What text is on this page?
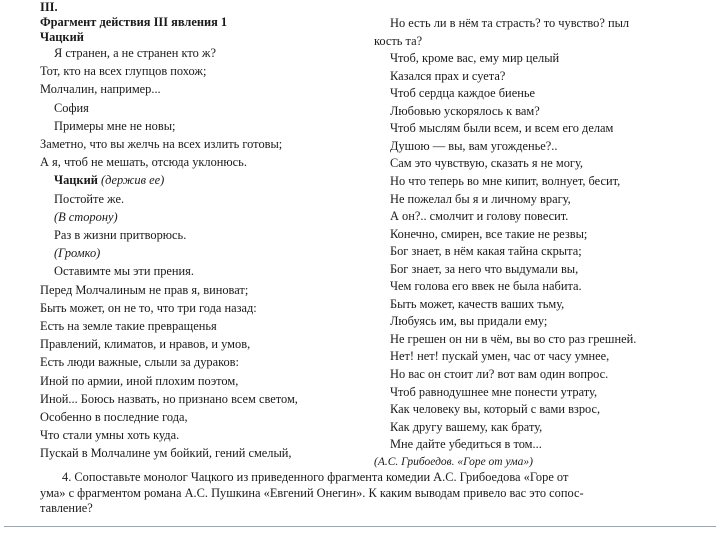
III.
Фрагмент действия III явления 1
Чацкий
Я странен, а не странен кто ж?
Тот, кто на всех глупцов похож;
Молчалин, например...
София
Примеры мне не новы;
Заметно, что вы желчь на всех излить готовы;
А я, чтоб не мешать, отсюда уклонюсь.
Чацкий (держив ее)
Постойте же.
(В сторону)
Раз в жизни притворюсь.
(Громко)
Оставимте мы эти прения.
Перед Молчалиным не прав я, виноват;
Быть может, он не то, что три года назад:
Есть на земле такие превращенья
Правлений, климатов, и нравов, и умов,
Есть люди важные, слыли за дураков:
Иной по армии, иной плохим поэтом,
Иной... Боюсь назвать, но признано всем светом,
Особенно в последние года,
Что стали умны хоть куда.
Пускай в Молчалине ум бойкий, гений смелый,
Но есть ли в нём та страсть? то чувство? пыл
кость та?
Чтоб, кроме вас, ему мир целый
Казался прах и суета?
Чтоб сердца каждое биенье
Любовью ускорялось к вам?
Чтоб мыслям были всем, и всем его делам
Душою — вы, вам угожденье?..
Сам это чувствую, сказать я не могу,
Но что теперь во мне кипит, волнует, бесит,
Не пожелал бы я и личному врагу,
А он?.. смолчит и голову повесит.
Конечно, смирен, все такие не резвы;
Бог знает, в нём какая тайна скрыта;
Бог знает, за него что выдумали вы,
Чем голова его ввек не была набита.
Быть может, качеств ваших тьму,
Любуясь им, вы придали ему;
Не грешен он ни в чём, вы во сто раз грешней.
Нет! нет! пускай умен, час от часу умнее,
Но вас он стоит ли? вот вам один вопрос.
Чтоб равнодушнее мне понести утрату,
Как человеку вы, который с вами взрос,
Как другу вашему, как брату,
Мне дайте убедиться в том...
(А.С. Грибоедов. «Горе от ума»)
4. Сопоставьте монолог Чацкого из приведенного фрагмента комедии А.С. Грибоедова «Горе от
ума» с фрагментом романа А.С. Пушкина «Евгений Онегин». К каким выводам привело вас это сопос-
тавление?
